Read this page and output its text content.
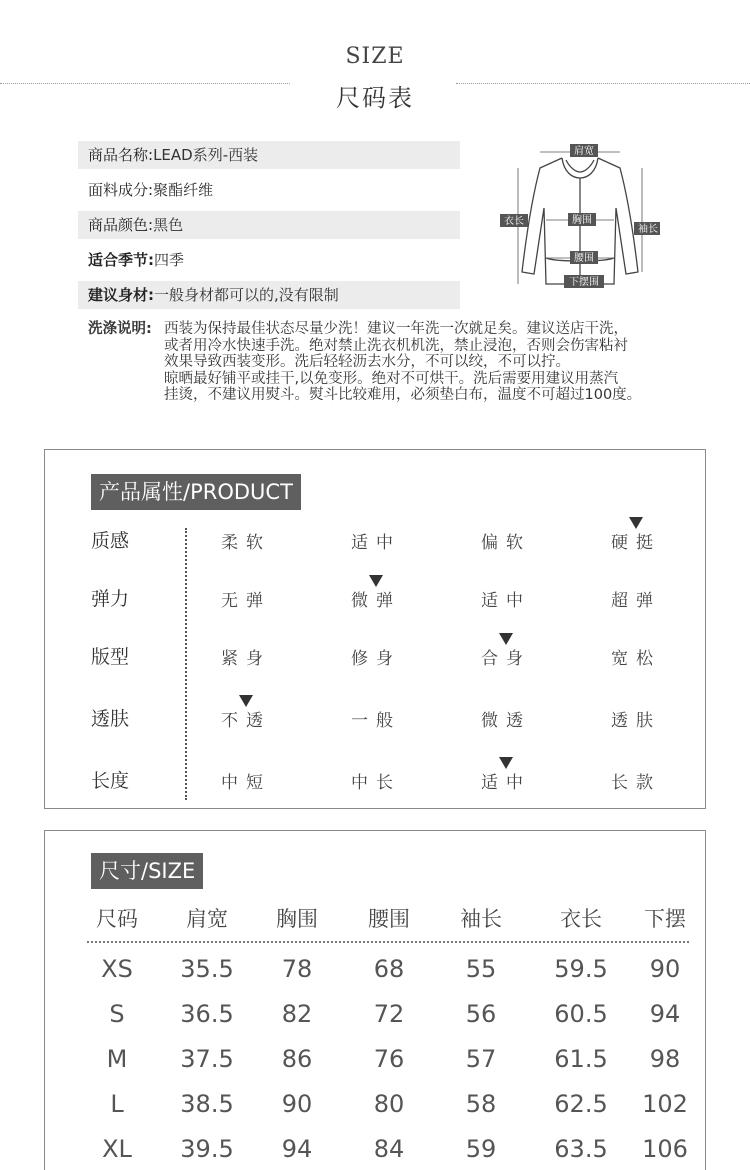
SIZE
尺码表
商品名称:LEAD系列-西装
面料成分:聚酯纤维
商品颜色:黑色
适合季节:四季
建议身材:一般身材都可以的,没有限制
肩宽
衣长	胸围
袖长
腰围
下摆围
洗涤说明: 西装为保持最佳状态尽量少洗！建议一年洗一次就足矣。建议送店干洗，
或者用冷水快速手洗。绝对禁止洗衣机机洗，禁止浸泡，否则会伤害粘衬
效果导致西装变形。洗后轻轻沥去水分，不可以绞，不可以拧。
晾晒最好铺平或挂干,以免变形。绝对不可烘干。洗后需要用建议用蒸汽
挂烫，不建议用熨斗。熨斗比较难用，必须垫白布，温度不可超过100度。
产品属性/PRODUCT
质感	柔软	适中	偏软	硬挺
弹力	无弹	微弹	适中	超弹
版型	紧身	修身	合身	宽松
透肤	不透	一般	微透	透肤
长度	中短	中长	适中	长款
尺寸/SIZE
尺码	肩宽	胸围	腰围	袖长	衣长	下摆
XS	35.5	78	68	55	59.5	90
S	36.5	82	72	56	60.5	94
M	37.5	86	76	57	61.5	98
L	38.5	90	80	58	62.5	102
XL	39.5	94	84	59	63.5	106
